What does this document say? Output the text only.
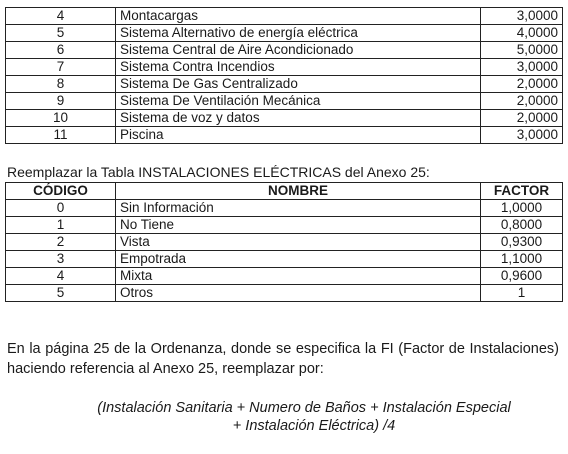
4	Montacargas	3,0000
5	Sistema Alternativo de energía eléctrica	4,0000
6	Sistema Central de Aire Acondicionado	5,0000
7	Sistema Contra Incendios	3,0000
8	Sistema De Gas Centralizado	2,0000
9	Sistema De Ventilación Mecánica	2,0000
10	Sistema de voz y datos	2,0000
11	Piscina	3,0000
Reemplazar la Tabla INSTALACIONES ELÉCTRICAS del Anexo 25:
CÓDIGO	NOMBRE	FACTOR
0	Sin Información	1,0000
1	No Tiene	0,8000
2	Vista	0,9300
3	Empotrada	1,1000
4	Mixta	0,9600
5	Otros	1
En la página 25 de la Ordenanza, donde se especifica la FI (Factor de Instalaciones) haciendo referencia al Anexo 25, reemplazar por:
(Instalación Sanitaria + Numero de Baños + Instalación Especial
+ Instalación Eléctrica) /4
